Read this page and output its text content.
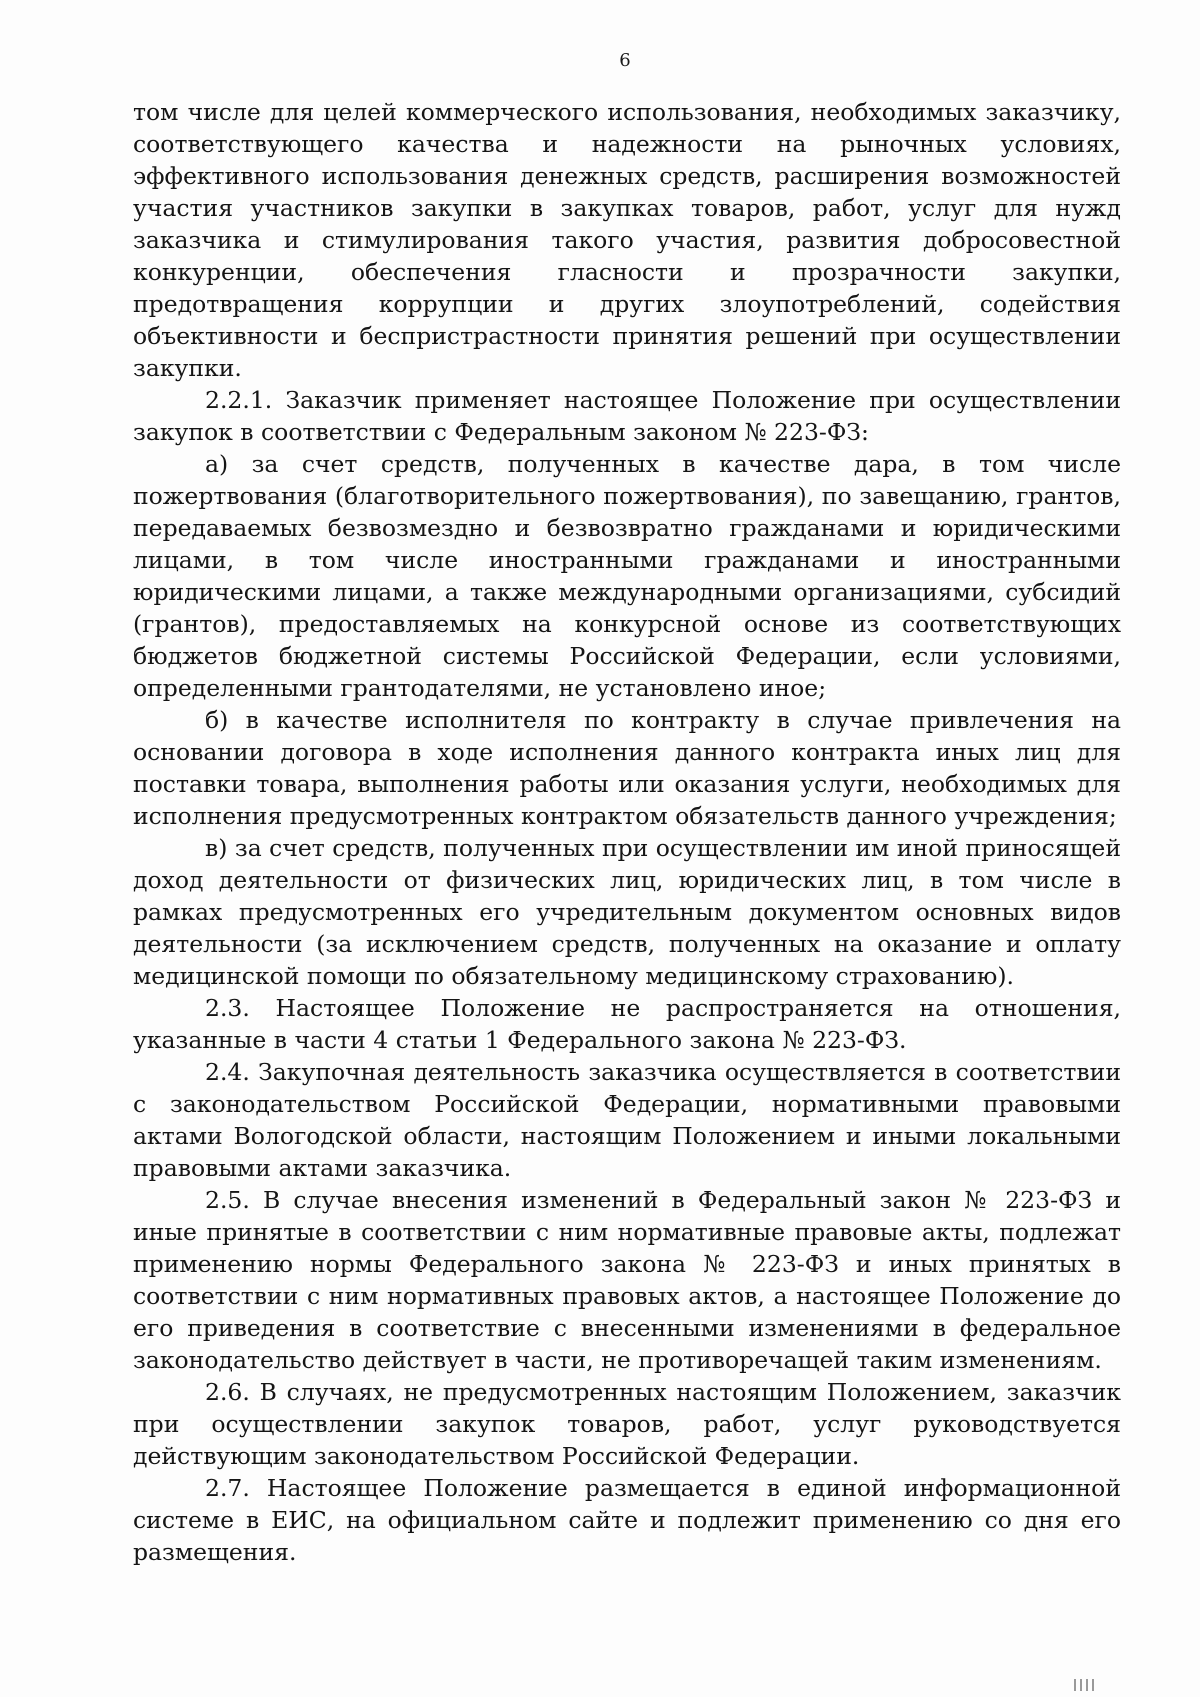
6

том числе для целей коммерческого использования, необходимых заказчику, соответствующего качества и надежности на рыночных условиях, эффективного использования денежных средств, расширения возможностей участия участников закупки в закупках товаров, работ, услуг для нужд заказчика и стимулирования такого участия, развития добросовестной конкуренции, обеспечения гласности и прозрачности закупки, предотвращения коррупции и других злоупотреблений, содействия объективности и беспристрастности принятия решений при осуществлении закупки.

2.2.1. Заказчик применяет настоящее Положение при осуществлении закупок в соответствии с Федеральным законом № 223-ФЗ:

а) за счет средств, полученных в качестве дара, в том числе пожертвования (благотворительного пожертвования), по завещанию, грантов, передаваемых безвозмездно и безвозвратно гражданами и юридическими лицами, в том числе иностранными гражданами и иностранными юридическими лицами, а также международными организациями, субсидий (грантов), предоставляемых на конкурсной основе из соответствующих бюджетов бюджетной системы Российской Федерации, если условиями, определенными грантодателями, не установлено иное;

б) в качестве исполнителя по контракту в случае привлечения на основании договора в ходе исполнения данного контракта иных лиц для поставки товара, выполнения работы или оказания услуги, необходимых для исполнения предусмотренных контрактом обязательств данного учреждения;

в) за счет средств, полученных при осуществлении им иной приносящей доход деятельности от физических лиц, юридических лиц, в том числе в рамках предусмотренных его учредительным документом основных видов деятельности (за исключением средств, полученных на оказание и оплату медицинской помощи по обязательному медицинскому страхованию).

2.3. Настоящее Положение не распространяется на отношения, указанные в части 4 статьи 1 Федерального закона № 223-ФЗ.

2.4. Закупочная деятельность заказчика осуществляется в соответствии с законодательством Российской Федерации, нормативными правовыми актами Вологодской области, настоящим Положением и иными локальными правовыми актами заказчика.

2.5. В случае внесения изменений в Федеральный закон № 223-ФЗ и иные принятые в соответствии с ним нормативные правовые акты, подлежат применению нормы Федерального закона № 223-ФЗ и иных принятых в соответствии с ним нормативных правовых актов, а настоящее Положение до его приведения в соответствие с внесенными изменениями в федеральное законодательство действует в части, не противоречащей таким изменениям.

2.6. В случаях, не предусмотренных настоящим Положением, заказчик при осуществлении закупок товаров, работ, услуг руководствуется действующим законодательством Российской Федерации.

2.7. Настоящее Положение размещается в единой информационной системе в ЕИС, на официальном сайте и подлежит применению со дня его размещения.
